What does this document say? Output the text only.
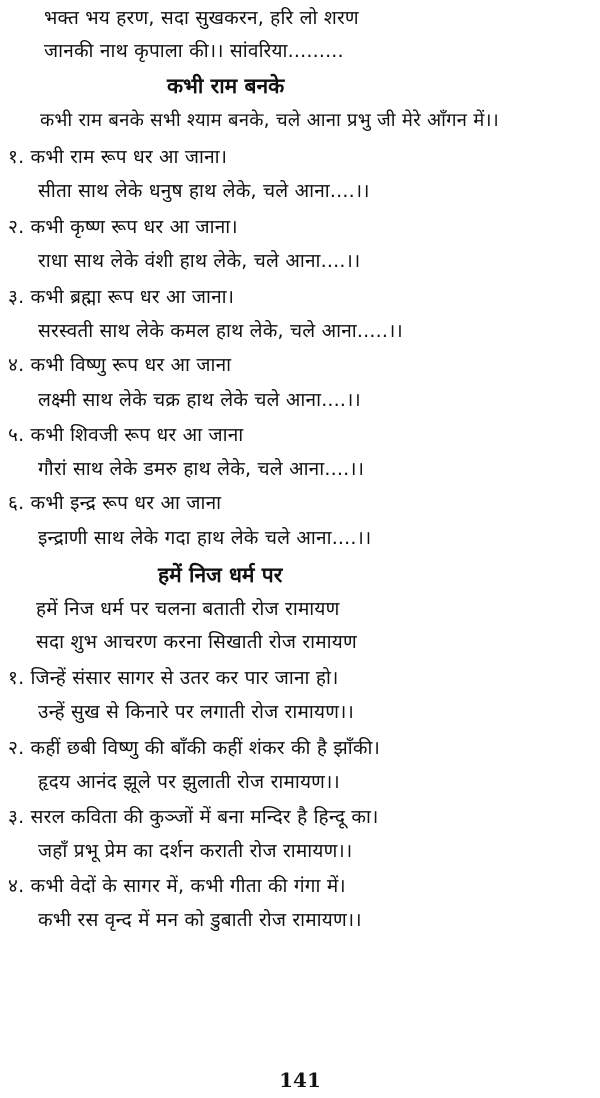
भक्त भय हरण, सदा सुखकरन, हरि लो शरण
जानकी नाथ कृपाला की।। सांवरिया.........
कभी राम बनके
कभी राम बनके सभी श्याम बनके, चले आना प्रभु जी मेरे आँगन में।।
१. कभी राम रूप धर आ जाना।
सीता साथ लेके धनुष हाथ लेके, चले आना....।।
२. कभी कृष्ण रूप धर आ जाना।
राधा साथ लेके वंशी हाथ लेके, चले आना....।।
३. कभी ब्रह्मा रूप धर आ जाना।
सरस्वती साथ लेके कमल हाथ लेके, चले आना.....।।
४. कभी विष्णु रूप धर आ जाना
लक्ष्मी साथ लेके चक्र हाथ लेके चले आना....।।
५. कभी शिवजी रूप धर आ जाना
गौरां साथ लेके डमरु हाथ लेके, चले आना....।।
६. कभी इन्द्र रूप धर आ जाना
इन्द्राणी साथ लेके गदा हाथ लेके चले आना....।।
हमें निज धर्म पर
हमें निज धर्म पर चलना बताती रोज रामायण
सदा शुभ आचरण करना सिखाती रोज रामायण
१. जिन्हें संसार सागर से उतर कर पार जाना हो।
उन्हें सुख से किनारे पर लगाती रोज रामायण।।
२. कहीं छबी विष्णु की बाँकी कहीं शंकर की है झाँकी।
हृदय आनंद झूले पर झुलाती रोज रामायण।।
३. सरल कविता की कुञ्जों में बना मन्दिर है हिन्दू का।
जहाँ प्रभू प्रेम का दर्शन कराती रोज रामायण।।
४. कभी वेदों के सागर में, कभी गीता की गंगा में।
कभी रस वृन्द में मन को डुबाती रोज रामायण।।
141
